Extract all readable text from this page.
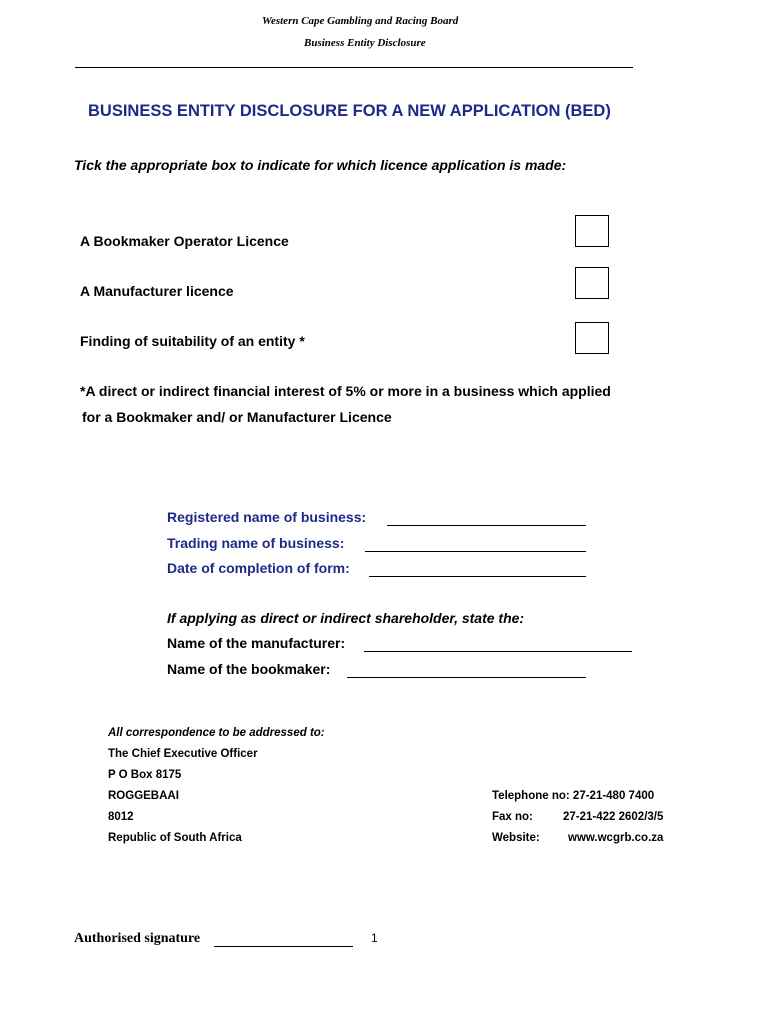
Western Cape Gambling and Racing Board
Business Entity Disclosure
BUSINESS ENTITY DISCLOSURE FOR A NEW APPLICATION (BED)
Tick the appropriate box to indicate for which licence application is made:
A Bookmaker Operator Licence
A Manufacturer licence
Finding of suitability of an entity *
*A direct or indirect financial interest of 5% or more in a business which applied
for a Bookmaker and/ or Manufacturer Licence
Registered name of business:
Trading name of business:
Date of completion of form:
If applying as direct or indirect shareholder, state the:
Name of the manufacturer:
Name of the bookmaker:
All correspondence to be addressed to:
The Chief Executive Officer
P O Box 8175
ROGGEBAAI
8012
Republic of South Africa
Telephone no: 27-21-480 7400
Fax no:	27-21-422 2602/3/5
Website: www.wcgrb.co.za
Authorised signature	1
